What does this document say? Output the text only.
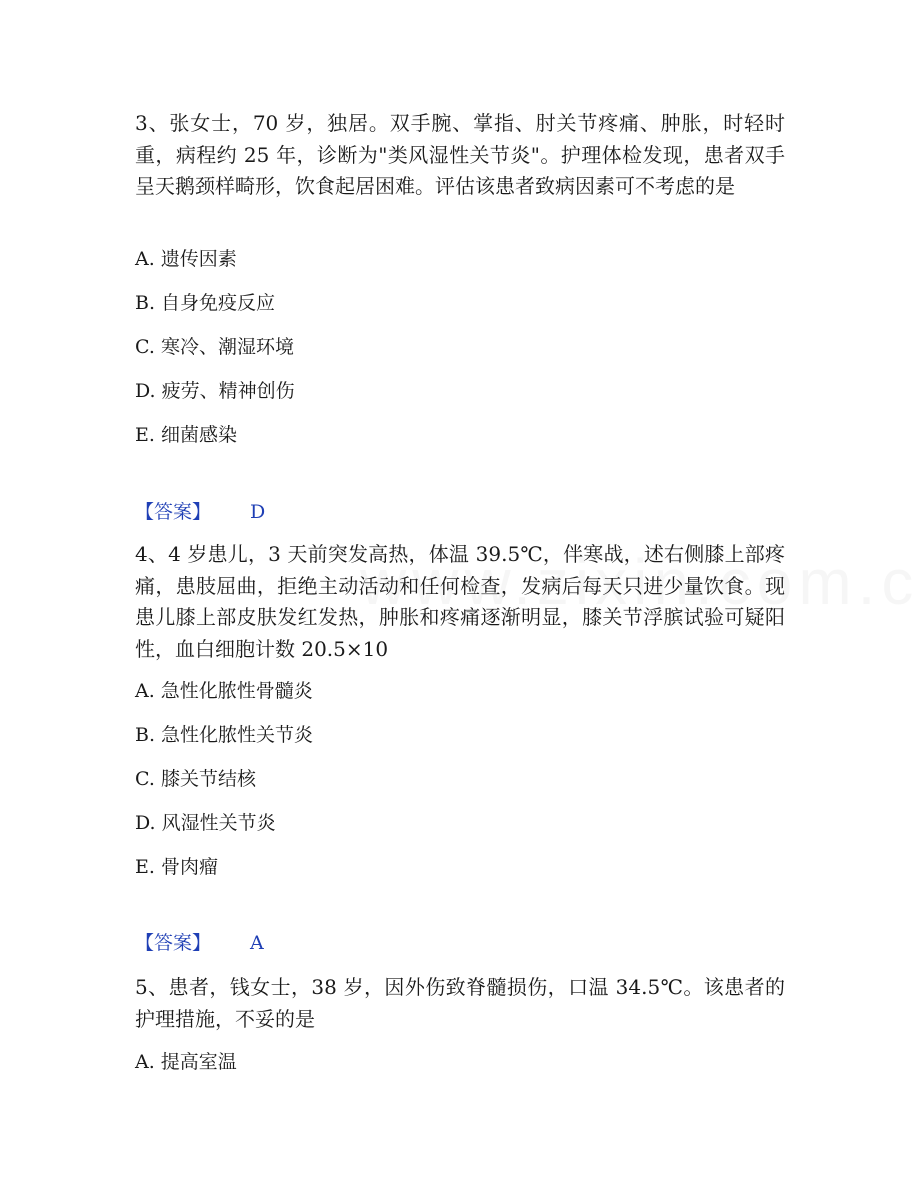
3、张女士，70 岁，独居。双手腕、掌指、肘关节疼痛、肿胀，时轻时重，病程约 25 年，诊断为"类风湿性关节炎"。护理体检发现，患者双手呈天鹅颈样畸形，饮食起居困难。评估该患者致病因素可不考虑的是

A. 遗传因素
B. 自身免疫反应
C. 寒冷、潮湿环境
D. 疲劳、精神创伤
E. 细菌感染
【答案】 D

4、4 岁患儿，3 天前突发高热，体温 39.5℃，伴寒战，述右侧膝上部疼痛，患肢屈曲，拒绝主动活动和任何检查，发病后每天只进少量饮食。现患儿膝上部皮肤发红发热，肿胀和疼痛逐渐明显，膝关节浮膑试验可疑阳性，血白细胞计数 20.5×10

A. 急性化脓性骨髓炎
B. 急性化脓性关节炎
C. 膝关节结核
D. 风湿性关节炎
E. 骨肉瘤
【答案】 A

5、患者，钱女士，38 岁，因外伤致脊髓损伤，口温 34.5℃。该患者的护理措施，不妥的是

A. 提高室温
